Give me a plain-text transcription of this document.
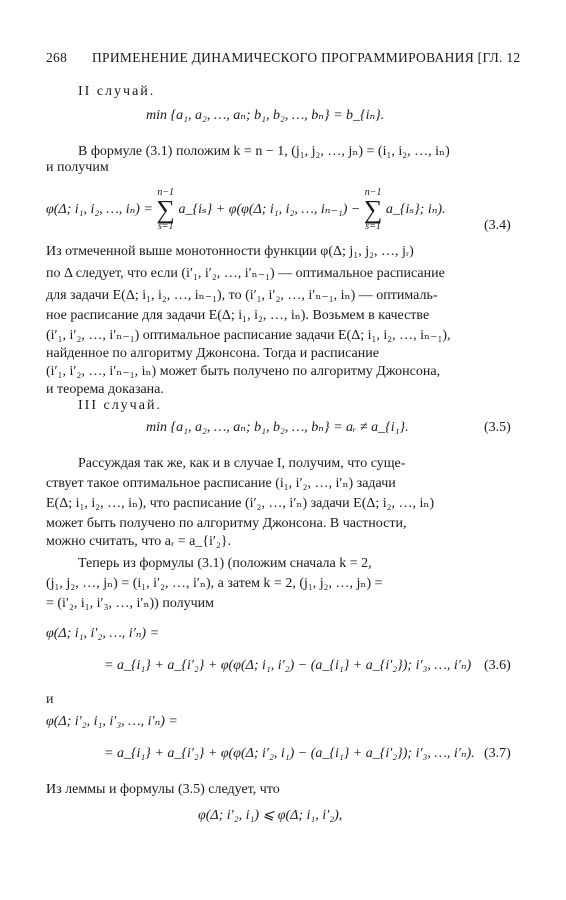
268 ПРИМЕНЕНИЕ ДИНАМИЧЕСКОГО ПРОГРАММИРОВАНИЯ [ГЛ. 12
II случай.
min {a₁, a₂, …, aₙ; b₁, b₂, …, bₙ} = b_{iₙ}.
В формуле (3.1) положим k = n − 1, (j₁, j₂, …, jₙ) = (i₁, i₂, …, iₙ)
и получим
φ(Δ; i₁, i₂, …, iₙ) =
n−1
∑
s=1
a_{iₛ} + φ(φ(Δ; i₁, i₂, …, iₙ₋₁) −
n−1
∑
s=1
a_{iₛ}; iₙ).
(3.4)
Из отмеченной выше монотонности функции φ(Δ; j₁, j₂, …, jᵣ)
по Δ следует, что если (i′₁, i′₂, …, i′ₙ₋₁) — оптимальное расписание
для задачи E(Δ; i₁, i₂, …, iₙ₋₁), то (i′₁, i′₂, …, i′ₙ₋₁, iₙ) — оптималь-
ное расписание для задачи E(Δ; i₁, i₂, …, iₙ). Возьмем в качестве
(i′₁, i′₂, …, i′ₙ₋₁) оптимальное расписание задачи E(Δ; i₁, i₂, …, iₙ₋₁),
найденное по алгоритму Джонсона. Тогда и расписание
(i′₁, i′₂, …, i′ₙ₋₁, iₙ) может быть получено по алгоритму Джонсона,
и теорема доказана.
III случай.
min {a₁, a₂, …, aₙ; b₁, b₂, …, bₙ} = aᵣ ≠ a_{i₁}.	(3.5)
Рассуждая так же, как и в случае I, получим, что суще-
ствует такое оптимальное расписание (i₁, i′₂, …, i′ₙ) задачи
E(Δ; i₁, i₂, …, iₙ), что расписание (i′₂, …, i′ₙ) задачи E(Δ; i₂, …, iₙ)
может быть получено по алгоритму Джонсона. В частности,
можно считать, что aᵣ = a_{i′₂}.
Теперь из формулы (3.1) (положим сначала k = 2,
(j₁, j₂, …, jₙ) = (i₁, i′₂, …, i′ₙ), а затем k = 2, (j₁, j₂, …, jₙ) =
= (i′₂, i₁, i′₃, …, i′ₙ)) получим
φ(Δ; i₁, i′₂, …, i′ₙ) =
= a_{i₁} + a_{i′₂} + φ(φ(Δ; i₁, i′₂) − (a_{i₁} + a_{i′₂}); i′₃, …, i′ₙ) (3.6)
и
φ(Δ; i′₂, i₁, i′₃, …, i′ₙ) =
= a_{i₁} + a_{i′₂} + φ(φ(Δ; i′₂, i₁) − (a_{i₁} + a_{i′₂}); i′₃, …, i′ₙ). (3.7)
Из леммы и формулы (3.5) следует, что
φ(Δ; i′₂, i₁) ⩽ φ(Δ; i₁, i′₂),
